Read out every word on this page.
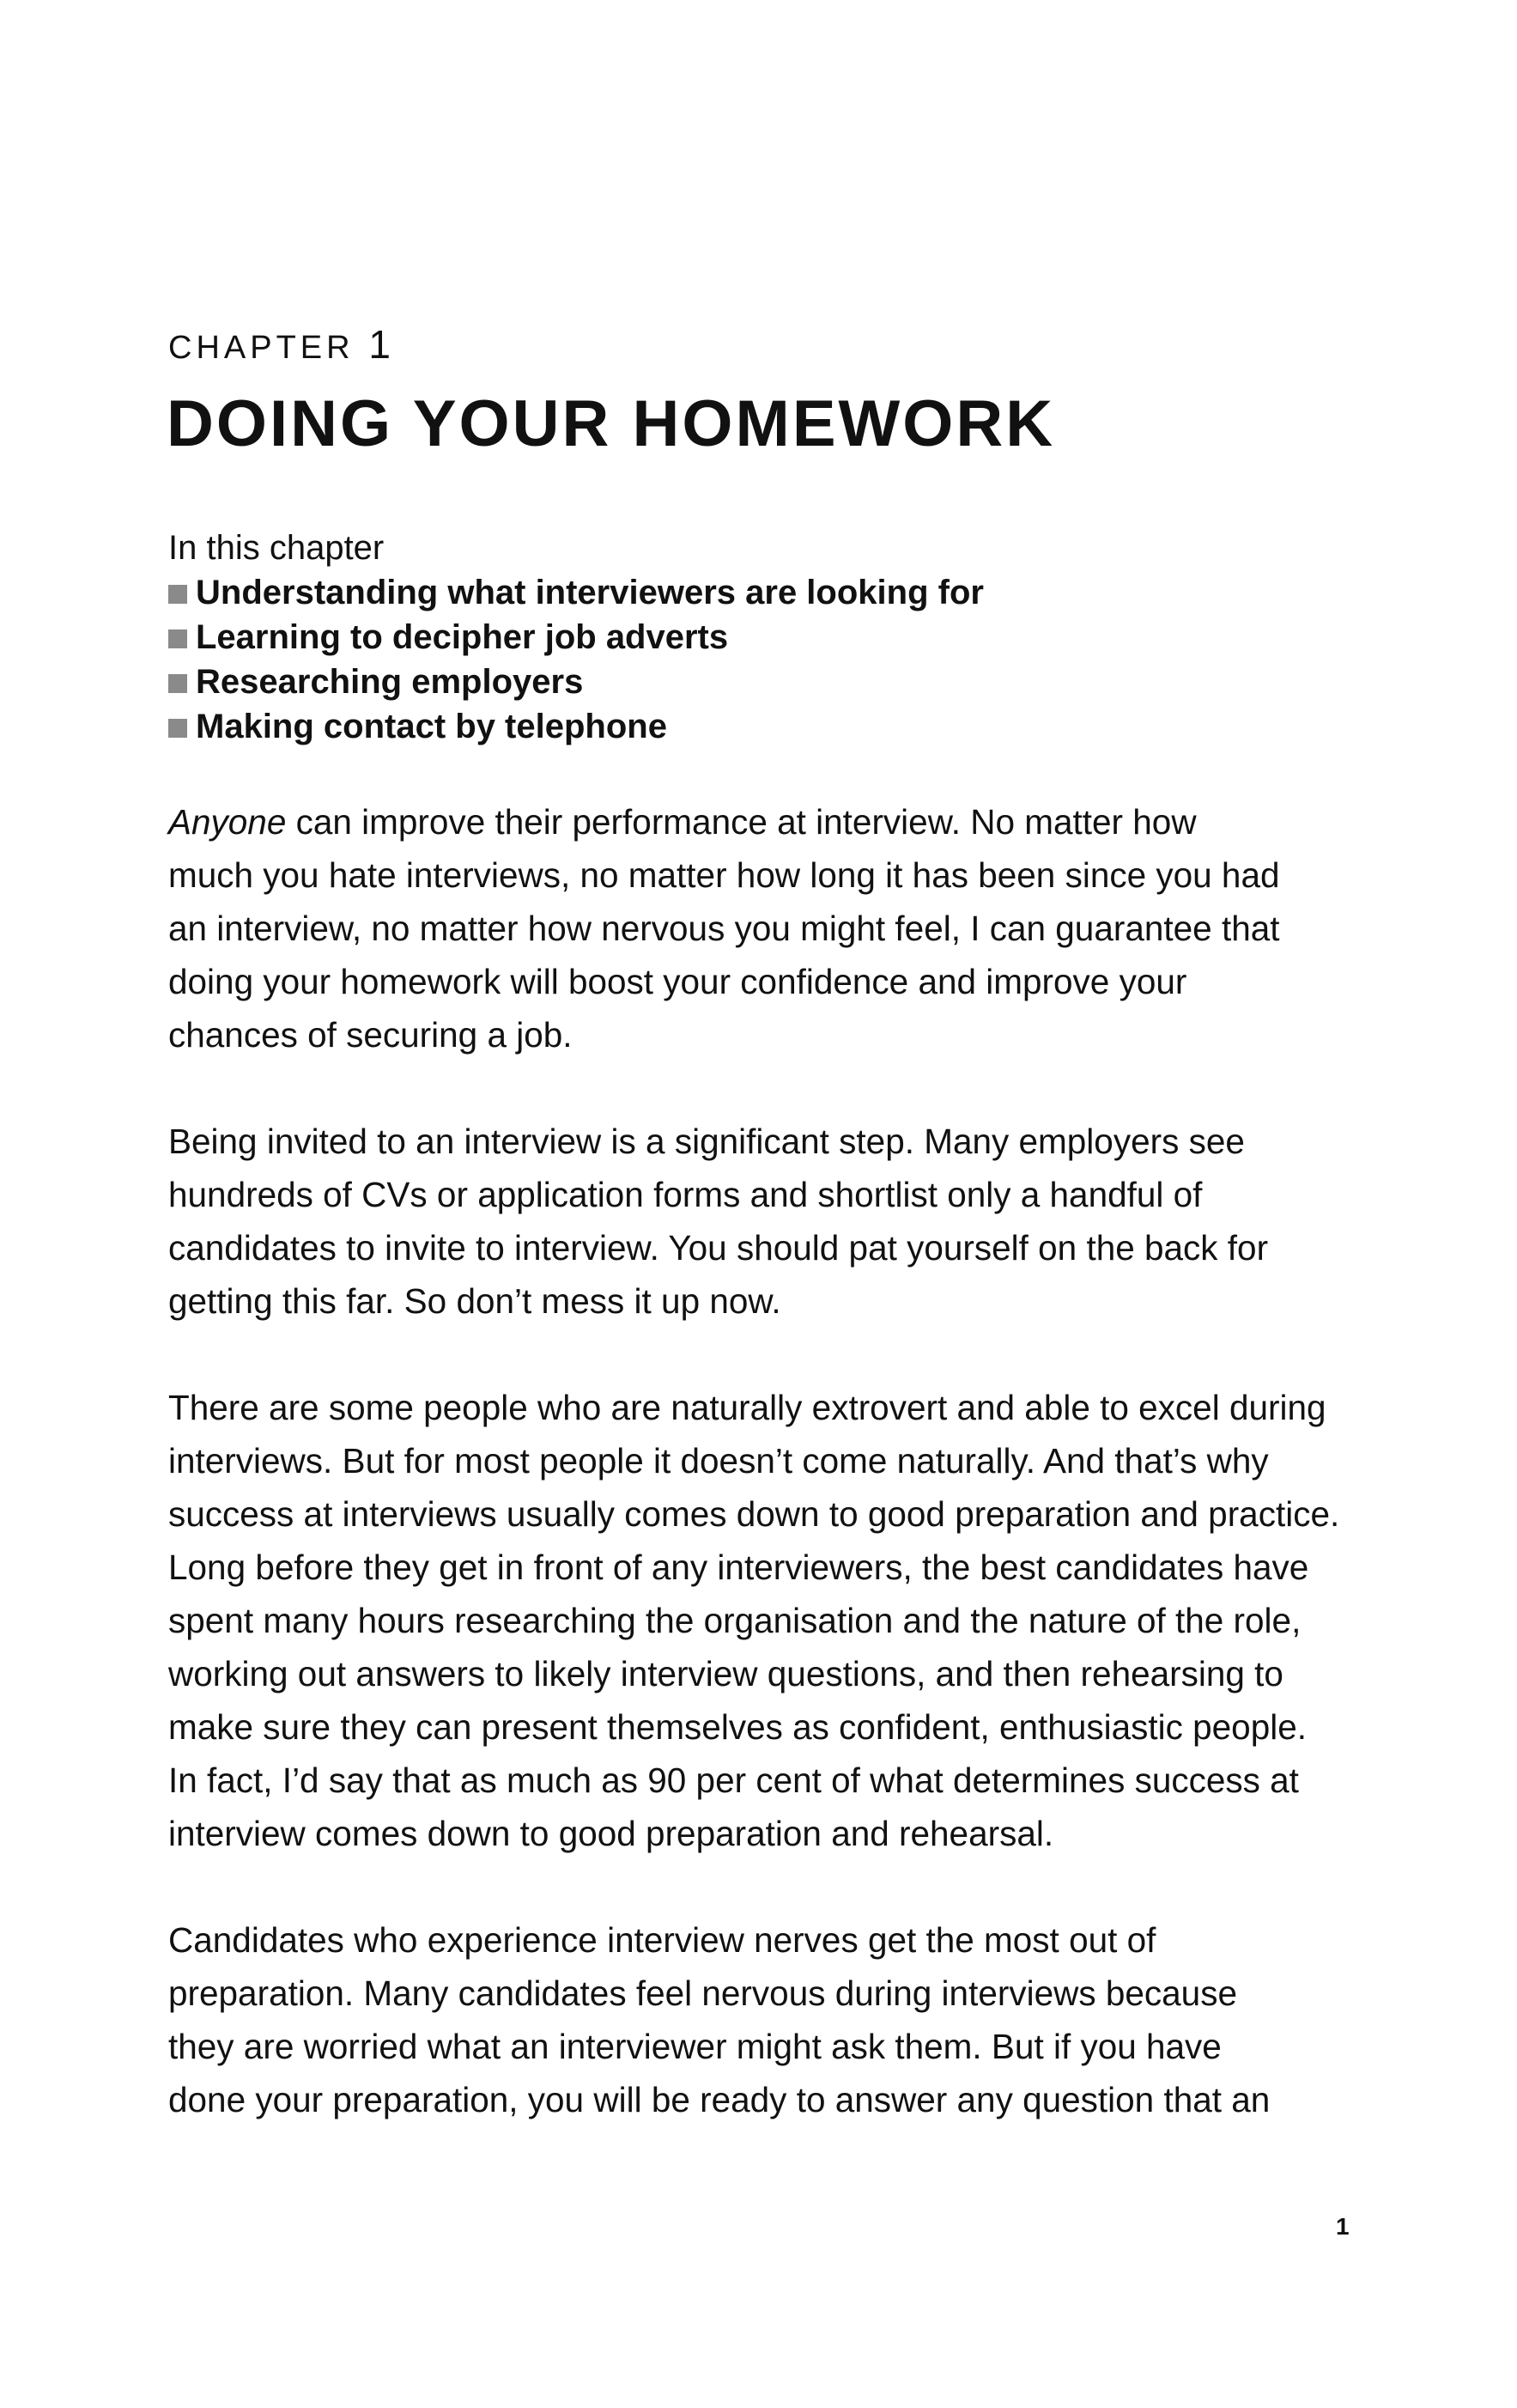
CHAPTER 1
DOING YOUR HOMEWORK
In this chapter
Understanding what interviewers are looking for
Learning to decipher job adverts
Researching employers
Making contact by telephone

Anyone can improve their performance at interview. No matter how
much you hate interviews, no matter how long it has been since you had
an interview, no matter how nervous you might feel, I can guarantee that
doing your homework will boost your confidence and improve your
chances of securing a job.

Being invited to an interview is a significant step. Many employers see
hundreds of CVs or application forms and shortlist only a handful of
candidates to invite to interview. You should pat yourself on the back for
getting this far. So don’t mess it up now.

There are some people who are naturally extrovert and able to excel during
interviews. But for most people it doesn’t come naturally. And that’s why
success at interviews usually comes down to good preparation and practice.
Long before they get in front of any interviewers, the best candidates have
spent many hours researching the organisation and the nature of the role,
working out answers to likely interview questions, and then rehearsing to
make sure they can present themselves as confident, enthusiastic people.
In fact, I’d say that as much as 90 per cent of what determines success at
interview comes down to good preparation and rehearsal.

Candidates who experience interview nerves get the most out of
preparation. Many candidates feel nervous during interviews because
they are worried what an interviewer might ask them. But if you have
done your preparation, you will be ready to answer any question that an

1
